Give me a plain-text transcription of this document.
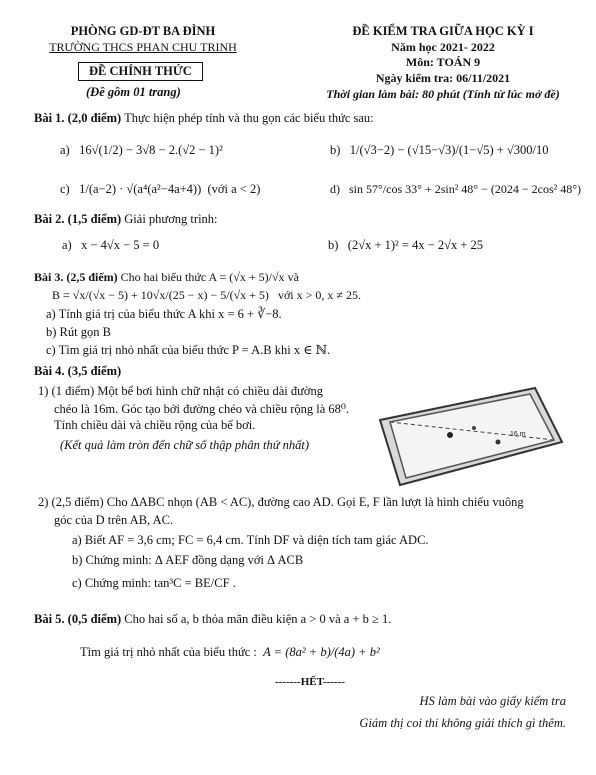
PHÒNG GD-ĐT BA ĐÌNH
TRƯỜNG THCS PHAN CHU TRINH
ĐỀ CHÍNH THỨC
(Đề gồm 01 trang)
ĐỀ KIỂM TRA GIỮA HỌC KỲ I
Năm học 2021- 2022
Môn: TOÁN 9
Ngày kiểm tra: 06/11/2021
Thời gian làm bài: 80 phút (Tính từ lúc mở đề)
Bài 1. (2,0 điểm) Thực hiện phép tính và thu gọn các biểu thức sau:
a) 16√(1/2) − 3√8 − 2.(√2 − 1)²	b) 1/(√3−2) − (√15−√3)/(1−√5) + √300/10
c) 1/(a−2) · √(a⁴(a²−4a+4)) (với a < 2)	d) sin 57°/cos 33° + 2sin² 48° − (2024 − 2cos² 48°)
Bài 2. (1,5 điểm) Giải phương trình:
a) x − 4√x − 5 = 0	b) (2√x + 1)² = 4x − 2√x + 25
Bài 3. (2,5 điểm) Cho hai biểu thức A = (√x + 5)/√x và
B = √x/(√x − 5) + 10√x/(25 − x) − 5/(√x + 5) với x > 0, x ≠ 25.
a) Tính giá trị của biểu thức A khi x = 6 + ∛−8.
b) Rút gọn B
c) Tìm giá trị nhỏ nhất của biểu thức P = A.B khi x ∈ ℕ.
Bài 4. (3,5 điểm)
1) (1 điểm) Một bể bơi hình chữ nhật có chiều dài đường
chéo là 16m. Góc tạo bởi đường chéo và chiều rộng là 68⁰.
Tính chiều dài và chiều rộng của bể bơi.
(Kết quả làm tròn đến chữ số thập phân thứ nhất)
16 m
2) (2,5 điểm) Cho ΔABC nhọn (AB < AC), đường cao AD. Gọi E, F lần lượt là hình chiếu vuông
góc của D trên AB, AC.
a) Biết AF = 3,6 cm; FC = 6,4 cm. Tính DF và diện tích tam giác ADC.
b) Chứng minh: Δ AEF đồng dạng với Δ ACB
c) Chứng minh: tan³C = BE/CF .
Bài 5. (0,5 điểm) Cho hai số a, b thỏa mãn điều kiện a > 0 và a + b ≥ 1.
Tìm giá trị nhỏ nhất của biểu thức : A = (8a² + b)/(4a) + b²
-------HẾT------
HS làm bài vào giấy kiểm tra
Giám thị coi thi không giải thích gì thêm.
